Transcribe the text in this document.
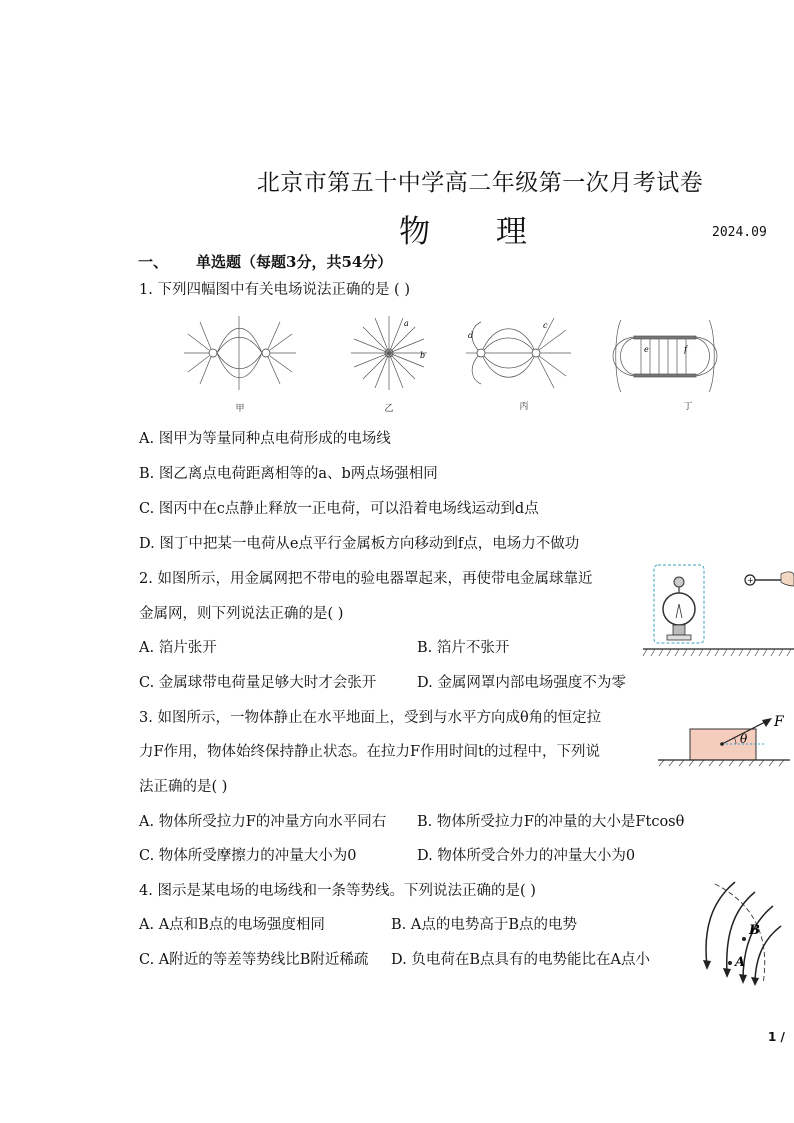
北京市第五十中学高二年级第一次月考试卷
物 理	2024.09
一、 单选题（每题3分，共54分）
1. 下列四幅图中有关电场说法正确的是 ( )
c
d
a
b
e	f
甲	乙	丙	丁
A. 图甲为等量同种点电荷形成的电场线
B. 图乙离点电荷距离相等的a、b两点场强相同
C. 图丙中在c点静止释放一正电荷，可以沿着电场线运动到d点
D. 图丁中把某一电荷从e点平行金属板方向移动到f点，电场力不做功
2. 如图所示，用金属网把不带电的验电器罩起来，再使带电金属球靠近
金属网，则下列说法正确的是( )
A. 箔片张开	B. 箔片不张开
C. 金属球带电荷量足够大时才会张开	D. 金属网罩内部电场强度不为零
+
3. 如图所示，一物体静止在水平地面上，受到与水平方向成θ角的恒定拉
力F作用，物体始终保持静止状态。在拉力F作用时间t的过程中，下列说
法正确的是( )
A. 物体所受拉力F的冲量方向水平同右 B. 物体所受拉力F的冲量的大小是Ftcosθ
C. 物体所受摩擦力的冲量大小为0	D. 物体所受合外力的冲量大小为0
F
θ
4. 图示是某电场的电场线和一条等势线。下列说法正确的是( )
A. A点和B点的电场强度相同	B. A点的电势高于B点的电势
C. A附近的等差等势线比B附近稀疏 D. 负电荷在B点具有的电势能比在A点小
B
A
1 /
